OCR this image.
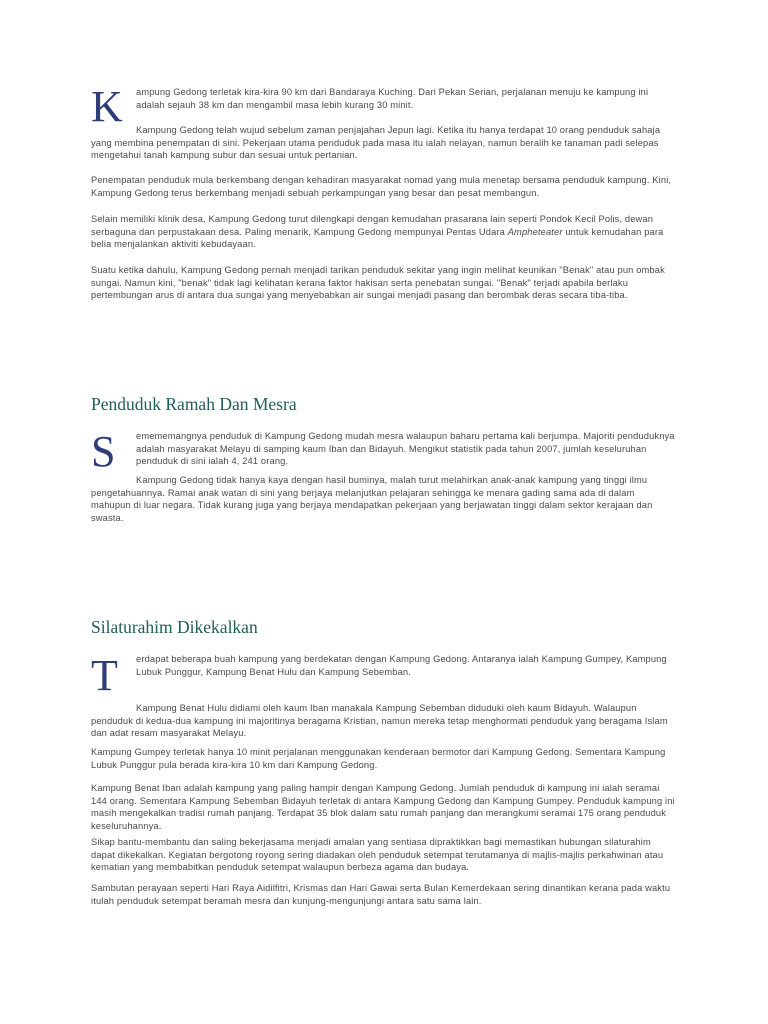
K ampung Gedong terletak kira-kira 90 km dari Bandaraya Kuching. Dari Pekan Serian, perjalanan menuju ke kampung ini adalah sejauh 38 km dan mengambil masa lebih kurang 30 minit.

Kampung Gedong telah wujud sebelum zaman penjajahan Jepun lagi. Ketika itu hanya terdapat 10 orang penduduk sahaja yang membina penempatan di sini. Pekerjaan utama penduduk pada masa itu ialah nelayan, namun beralih ke tanaman padi selepas mengetahui tanah kampung subur dan sesuai untuk pertanian.

Penempatan penduduk mula berkembang dengan kehadiran masyarakat nomad yang mula menetap bersama penduduk kampung. Kini, Kampung Gedong terus berkembang menjadi sebuah perkampungan yang besar dan pesat membangun.

Selain memiliki klinik desa, Kampung Gedong turut dilengkapi dengan kemudahan prasarana lain seperti Pondok Kecil Polis, dewan serbaguna dan perpustakaan desa. Paling menarik, Kampung Gedong mempunyai Pentas Udara Ampheteater untuk kemudahan para belia menjalankan aktiviti kebudayaan.

Suatu ketika dahulu, Kampung Gedong pernah menjadi tarikan penduduk sekitar yang ingin melihat keunikan "Benak" atau pun ombak sungai. Namun kini, "benak" tidak lagi kelihatan kerana faktor hakisan serta penebatan sungai. "Benak" terjadi apabila berlaku pertembungan arus di antara dua sungai yang menyebabkan air sungai menjadi pasang dan berombak deras secara tiba-tiba.

Penduduk Ramah Dan Mesra
S emememangnya penduduk di Kampung Gedong mudah mesra walaupun baharu pertama kali berjumpa. Majoriti penduduknya adalah masyarakat Melayu di samping kaum Iban dan Bidayuh. Mengikut statistik pada tahun 2007, jumlah keseluruhan penduduk di sini ialah 4, 241 orang.

Kampung Gedong tidak hanya kaya dengan hasil buminya, malah turut melahirkan anak-anak kampung yang tinggi ilmu pengetahuannya. Ramai anak watan di sini yang berjaya melanjutkan pelajaran sehingga ke menara gading sama ada di dalam mahupun di luar negara. Tidak kurang juga yang berjaya mendapatkan pekerjaan yang berjawatan tinggi dalam sektor kerajaan dan swasta.

Silaturahim Dikekalkan
T erdapat beberapa buah kampung yang berdekatan dengan Kampung Gedong. Antaranya ialah Kampung Gumpey, Kampung Lubuk Punggur, Kampung Benat Hulu dan Kampung Sebemban.

Kampung Benat Hulu didiami oleh kaum Iban manakala Kampung Sebemban diduduki oleh kaum Bidayuh. Walaupun penduduk di kedua-dua kampung ini majoritinya beragama Kristian, namun mereka tetap menghormati penduduk yang beragama Islam dan adat resam masyarakat Melayu.

Kampung Gumpey terletak hanya 10 minit perjalanan menggunakan kenderaan bermotor dari Kampung Gedong. Sementara Kampung Lubuk Punggur pula berada kira-kira 10 km dari Kampung Gedong.

Kampung Benat Iban adalah kampung yang paling hampir dengan Kampung Gedong. Jumlah penduduk di kampung ini ialah seramai 144 orang. Sementara Kampung Sebemban Bidayuh terletak di antara Kampung Gedong dan Kampung Gumpey. Penduduk kampung ini masih mengekalkan tradisi rumah panjang. Terdapat 35 blok dalam satu rumah panjang dan merangkumi seramai 175 orang penduduk keseluruhannya.

Sikap bantu-membantu dan saling bekerjasama menjadi amalan yang sentiasa dipraktikkan bagi memastikan hubungan silaturahim dapat dikekalkan. Kegiatan bergotong royong sering diadakan oleh penduduk setempat terutamanya di majlis-majlis perkahwinan atau kematian yang membabitkan penduduk setempat walaupun berbeza agama dan budaya.

Sambutan perayaan seperti Hari Raya Aidilfitri, Krismas dan Hari Gawai serta Bulan Kemerdekaan sering dinantikan kerana pada waktu itulah penduduk setempat beramah mesra dan kunjung-mengunjungi antara satu sama lain.
